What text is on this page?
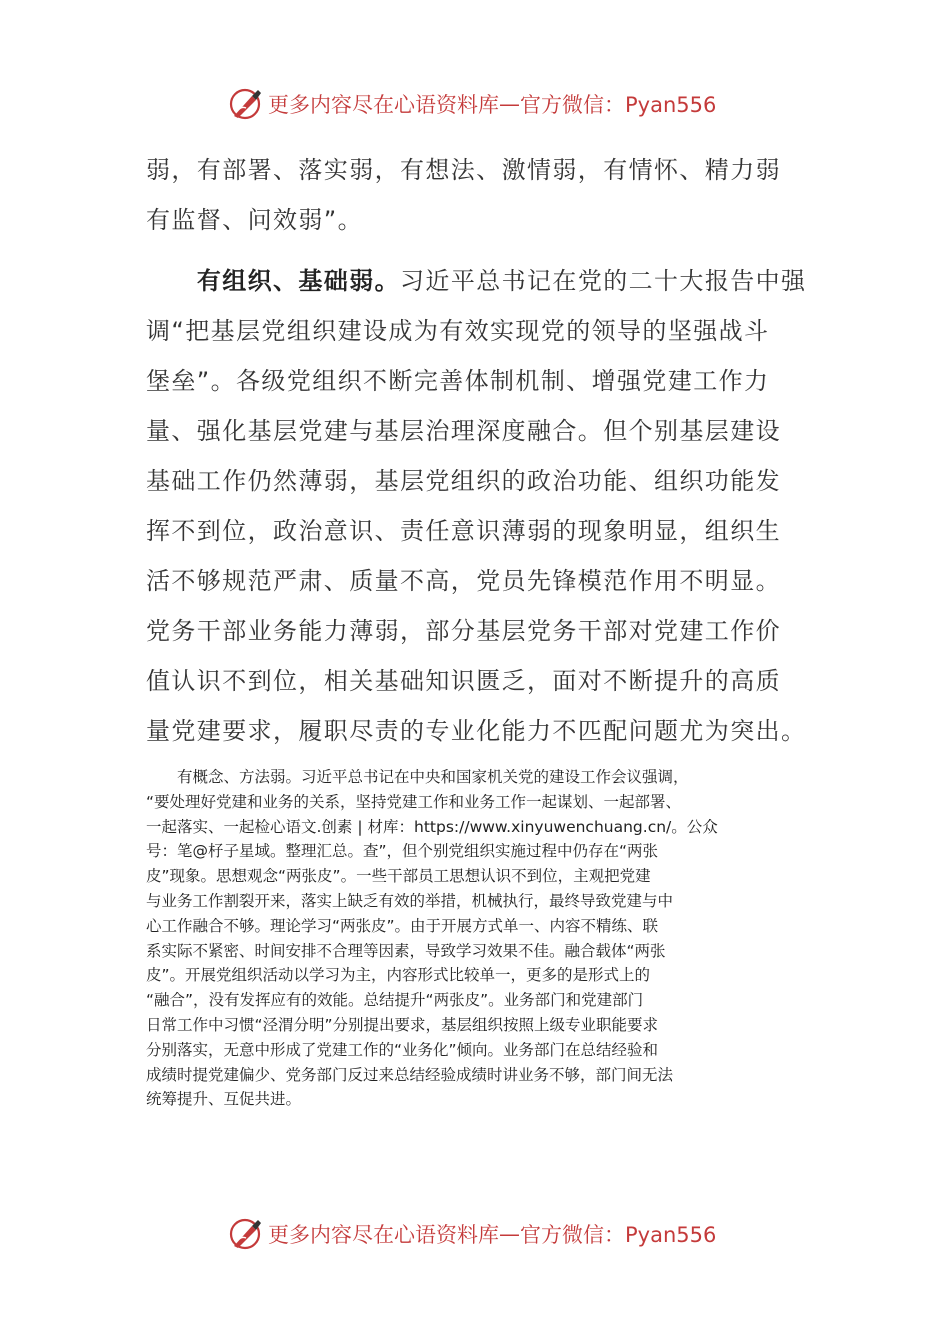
更多内容尽在心语资料库 — 官方微信：Pyan556
弱，有部署、落实弱，有想法、激情弱，有情怀、精力弱
有监督、问效弱”。
　　有组织、基础弱。习近平总书记在党的二十大报告中强
调“把基层党组织建设成为有效实现党的领导的坚强战斗
堡垒”。各级党组织不断完善体制机制、增强党建工作力
量、强化基层党建与基层治理深度融合。但个别基层建设
基础工作仍然薄弱，基层党组织的政治功能、组织功能发
挥不到位，政治意识、责任意识薄弱的现象明显，组织生
活不够规范严肃、质量不高，党员先锋模范作用不明显。
党务干部业务能力薄弱，部分基层党务干部对党建工作价
值认识不到位，相关基础知识匮乏，面对不断提升的高质
量党建要求，履职尽责的专业化能力不匹配问题尤为突出。
　　有概念、方法弱。习近平总书记在中央和国家机关党的建设工作会议强调，
“要处理好党建和业务的关系，坚持党建工作和业务工作一起谋划、一起部署、
一起落实、一起检心语文.创素 | 材库：https://www.xinyuwenchuang.cn/。公众
号：笔@杍子星域。整理汇总。查”，但个别党组织实施过程中仍存在“两张
皮”现象。思想观念“两张皮”。一些干部员工思想认识不到位，主观把党建
与业务工作割裂开来，落实上缺乏有效的举措，机械执行，最终导致党建与中
心工作融合不够。理论学习“两张皮”。由于开展方式单一、内容不精练、联
系实际不紧密、时间安排不合理等因素，导致学习效果不佳。融合载体“两张
皮”。开展党组织活动以学习为主，内容形式比较单一，更多的是形式上的
“融合”，没有发挥应有的效能。总结提升“两张皮”。业务部门和党建部门
日常工作中习惯“泾渭分明”分别提出要求，基层组织按照上级专业职能要求
分别落实，无意中形成了党建工作的“业务化”倾向。业务部门在总结经验和
成绩时提党建偏少、党务部门反过来总结经验成绩时讲业务不够，部门间无法
统筹提升、互促共进。
更多内容尽在心语资料库 — 官方微信：Pyan556
